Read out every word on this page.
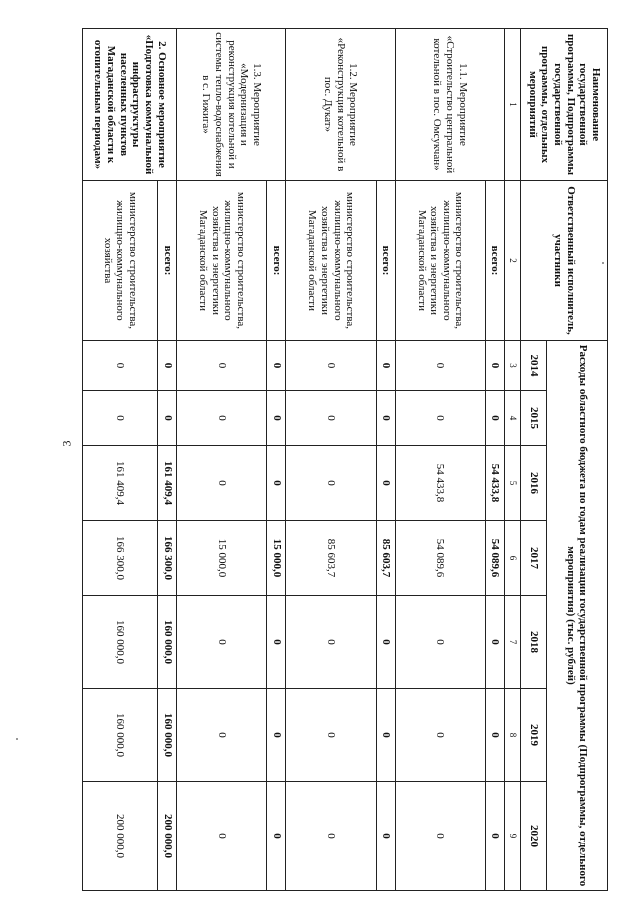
3
Наименование государственной программы, Подпрограммы государственной программы, отдельных мероприятий	Ответственный исполнитель, участники	Расходы областного бюджета по годам реализации государственной программы (Подпрограммы, отдельного мероприятия) (тыс. рублей)						
		2014	2015	2016	2017	2018	2019	2020
1	2	3	4	5	6	7	8	9
1.1. Мероприятие «Строительство центральной котельной в пос. Омсукчан»	всего:	0	0	54 433,8	54 089,6	0	0	0
	министерство строительства, жилищно-коммунального хозяйства и энергетики Магаданской области	0	0	54 433,8	54 089,6	0	0	0
1.2. Мероприятие «Реконструкция котельной в пос. Дукат»	всего:	0	0	0	85 603,7	0	0	0
	министерство строительства, жилищно-коммунального хозяйства и энергетики Магаданской области	0	0	0	85 603,7	0	0	0
1.3. Мероприятие «Модернизация и реконструкция котельной и системы тепло-водоснабжения в с. Гижига»	всего:	0	0	0	15 000,0	0	0	0
	министерство строительства, жилищно-коммунального хозяйства и энергетики Магаданской области	0	0	0	15 000,0	0	0	0
2. Основное мероприятие «Подготовка коммунальной инфраструктуры населенных пунктов Магаданской области к отопительным периодам»	всего:	0	0	161 409,4	166 300,0	160 000,0	160 000,0	200 000,0
	министерство строительства, жилищно-коммунального хозяйства	0	0	161 409,4	166 300,0	160 000,0	160 000,0	200 000,0
